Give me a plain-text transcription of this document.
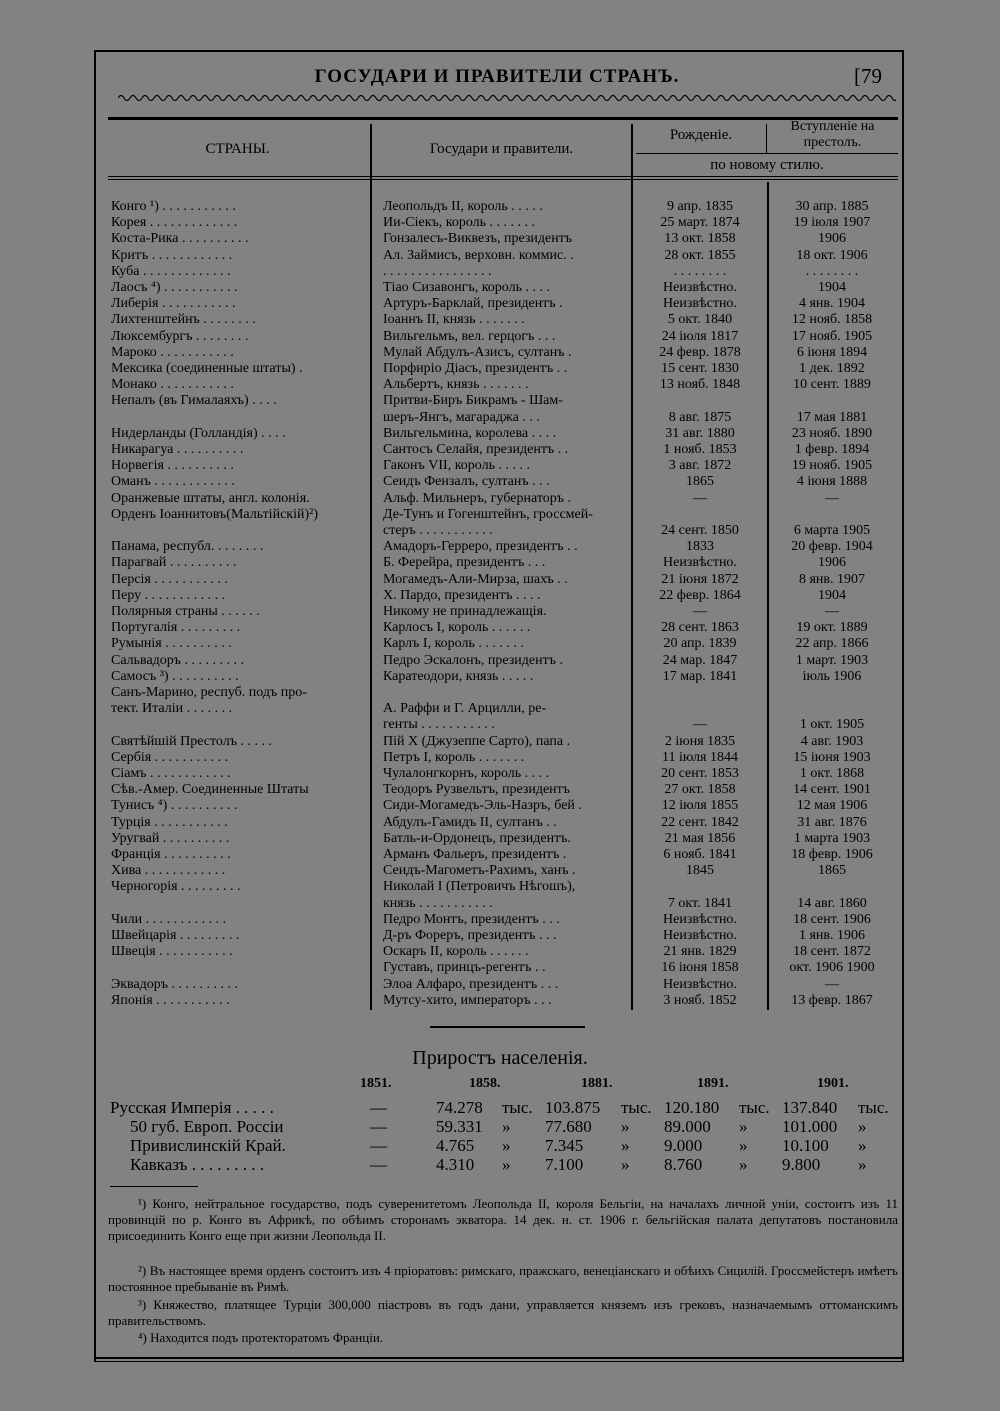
ГОСУДАРИ И ПРАВИТЕЛИ СТРАНЪ.	[79
СТРАНЫ.	Государи и правители.
Рожденіе.
Вступленіе на престолъ.
по новому стилю.
Конго ¹) . . . . . . . . . . .	Леопольдъ II, король . . . . .	9 апр. 1835	30 апр. 1885
Корея . . . . . . . . . . . . .	Ии-Сіекъ, король . . . . . . .	25 март. 1874	19 іюля 1907
Коста-Рика . . . . . . . . . .	Гонзалесъ-Виквезъ, президентъ	13 окт. 1858	1906
Критъ . . . . . . . . . . . .	Ал. Займисъ, верховн. коммис. .	28 окт. 1855	18 окт. 1906
Куба . . . . . . . . . . . . .	. . . . . . . . . . . . . . . .	. . . . . . . .	. . . . . . . .
Лаосъ ⁴) . . . . . . . . . . .	Тіао Сизавонгъ, король . . . .	Неизвѣстно.	1904
Либерія . . . . . . . . . . .	Артуръ-Барклай, президентъ .	Неизвѣстно.	4 янв. 1904
Лихтенштейнъ . . . . . . . .	Іоаннъ II, князь . . . . . . .	5 окт. 1840	12 нояб. 1858
Люксембургъ . . . . . . . .	Вильгельмъ, вел. герцогъ . . .	24 іюля 1817	17 нояб. 1905
Мароко . . . . . . . . . . .	Мулай Абдулъ-Азисъ, султанъ .	24 февр. 1878	6 іюня 1894
Мексика (соединенные штаты) .	Порфиріо Діасъ, президентъ . .	15 сент. 1830	1 дек. 1892
Монако . . . . . . . . . . .	Альбертъ, князь . . . . . . .	13 нояб. 1848	10 сент. 1889
Непалъ (въ Гималаяхъ) . . . .	Притви-Биръ Бикрамъ - Шам-
шеръ-Янгъ, магараджа . . .	8 авг. 1875	17 мая 1881
Нидерланды (Голландія) . . . .	Вильгельмина, королева . . . .	31 авг. 1880	23 нояб. 1890
Никарагуа . . . . . . . . . .	Сантосъ Селайя, президентъ . .	1 нояб. 1853	1 февр. 1894
Норвегія . . . . . . . . . .	Гаконъ VII, король . . . . .	3 авг. 1872	19 нояб. 1905
Оманъ . . . . . . . . . . . .	Сеидъ Фензалъ, султанъ . . .	1865	4 іюня 1888
Оранжевые штаты, англ. колонія.	Альф. Мильнеръ, губернаторъ .	—	—
Орденъ Іоаннитовъ(Мальтійскій)²)	Де-Тунъ и Гогенштейнъ, гроссмей-
стеръ . . . . . . . . . . .	24 сент. 1850	6 марта 1905
Панама, республ. . . . . . . .	Амадоръ-Герреро, президентъ . .	1833	20 февр. 1904
Парагвай . . . . . . . . . .	Б. Ферейра, президентъ . . .	Неизвѣстно.	1906
Персія . . . . . . . . . . .	Могамедъ-Али-Мирза, шахъ . .	21 іюня 1872	8 янв. 1907
Перу . . . . . . . . . . . .	Х. Пардо, президентъ . . . .	22 февр. 1864	1904
Полярныя страны . . . . . .	Никому не принадлежащія.	—	—
Португалія . . . . . . . . .	Карлосъ I, король . . . . . .	28 сент. 1863	19 окт. 1889
Румынія . . . . . . . . . .	Карлъ I, король . . . . . . .	20 апр. 1839	22 апр. 1866
Сальвадоръ . . . . . . . . .	Педро Эскалонъ, президентъ .	24 мар. 1847	1 март. 1903
Самосъ ³) . . . . . . . . . .	Каратеодори, князь . . . . .	17 мар. 1841	іюль 1906
Санъ-Марино, респуб. подъ про-
тект. Италіи . . . . . . .	А. Раффи и Г. Арцилли, ре-
генты . . . . . . . . . . .	—	1 окт. 1905
Святѣйшій Престолъ . . . . .	Пій X (Джузеппе Сарто), папа .	2 іюня 1835	4 авг. 1903
Сербія . . . . . . . . . . .	Петръ I, король . . . . . . .	11 іюля 1844	15 іюня 1903
Сіамъ . . . . . . . . . . . .	Чулалонгкорнъ, король . . . .	20 сент. 1853	1 окт. 1868
Сѣв.-Амер. Соединенные Штаты	Теодоръ Рузвельтъ, президентъ	27 окт. 1858	14 сент. 1901
Тунисъ ⁴) . . . . . . . . . .	Сиди-Могамедъ-Эль-Назръ, бей .	12 іюля 1855	12 мая 1906
Турція . . . . . . . . . . .	Абдулъ-Гамидъ II, султанъ . .	22 сент. 1842	31 авг. 1876
Уругвай . . . . . . . . . .	Батль-и-Ордонецъ, президентъ.	21 мая 1856	1 марта 1903
Франція . . . . . . . . . .	Арманъ Фальеръ, президентъ .	6 нояб. 1841	18 февр. 1906
Хива . . . . . . . . . . . .	Сеидъ-Магометъ-Рахимъ, ханъ .	1845	1865
Черногорія . . . . . . . . .	Николай I (Петровичъ Нѣгошъ),
князь . . . . . . . . . . .	7 окт. 1841	14 авг. 1860
Чили . . . . . . . . . . . .	Педро Монтъ, президентъ . . .	Неизвѣстно.	18 сент. 1906
Швейцарія . . . . . . . . .	Д-ръ Фореръ, президентъ . . .	Неизвѣстно.	1 янв. 1906
Швеція . . . . . . . . . . .	Оскаръ II, король . . . . . .	21 янв. 1829	18 сент. 1872
Густавъ, принцъ-регентъ . .	16 іюня 1858	окт. 1906 1900
Эквадоръ . . . . . . . . . .	Элоа Алфаро, президентъ . . .	Неизвѣстно.	—
Японія . . . . . . . . . . .	Мутсу-хито, императоръ . . .	3 нояб. 1852	13 февр. 1867
Приростъ населенія.
1851.	1858.	1881.	1891.	1901.
Русская Имперія . . . . .	—	74.278 тыс. 103.875 тыс. 120.180 тыс. 137.840 тыс.
50 губ. Европ. Россіи	—	59.331 » 77.680 » 89.000 » 101.000 »
Привислинскій Край.	—	4.765 » 7.345 » 9.000 » 10.100 »
Кавказъ . . . . . . . . .	—	4.310 » 7.100 » 8.760 » 9.800 »
¹) Конго, нейтральное государство, подъ суверенитетомъ Леопольда II, короля Бельгіи, на началахъ личной уніи, состоитъ изъ 11 провинцій по р. Конго въ Африкѣ, по обѣимъ сторонамъ экватора. 14 дек. н. ст. 1906 г. бельгійская палата депутатовъ постановила присоединить Конго еще при жизни Леопольда II.
²) Въ настоящее время орденъ состоитъ изъ 4 пріоратовъ: римскаго, пражскаго, венеціанскаго и обѣихъ Сицилій. Гроссмейстеръ имѣетъ постоянное пребываніе въ Римѣ.
³) Княжество, платящее Турціи 300,000 піастровъ въ годъ дани, управляется княземъ изъ грековъ, назначаемымъ оттоманскимъ правительствомъ.
⁴) Находится подъ протекторатомъ Франціи.
